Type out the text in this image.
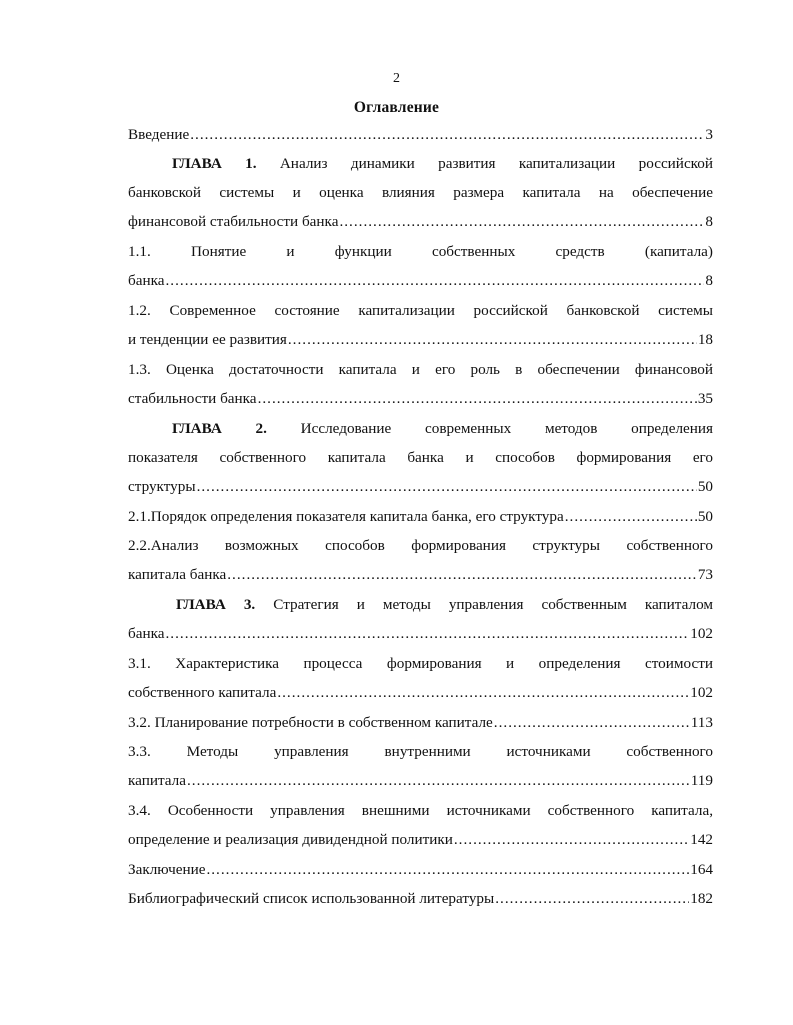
2
Оглавление
Введение .....	3
ГЛАВА 1. Анализ динамики развития капитализации российской
банковской системы и оценка влияния размера капитала на обеспечение
финансовой стабильности банка .....	8
1.1. Понятие и функции собственных средств (капитала)
банка .....	8
1.2. Современное состояние капитализации российской банковской системы
и тенденции ее развития .....	18
1.3. Оценка достаточности капитала и его роль в обеспечении финансовой
стабильности банка .....	35
ГЛАВА 2. Исследование современных методов определения
показателя собственного капитала банка и способов формирования его
структуры .....	50
2.1.Порядок определения показателя капитала банка, его структура .....	50
2.2.Анализ возможных способов формирования структуры собственного
капитала банка .....	73
ГЛАВА 3. Стратегия и методы управления собственным капиталом
банка .....	102
3.1. Характеристика процесса формирования и определения стоимости
собственного капитала .....	102
3.2. Планирование потребности в собственном капитале .....	113
3.3. Методы управления внутренними источниками собственного
капитала .....	119
3.4. Особенности управления внешними источниками собственного капитала,
определение и реализация дивидендной политики .....	142
Заключение .....	164
Библиографический список использованной литературы .....	182
